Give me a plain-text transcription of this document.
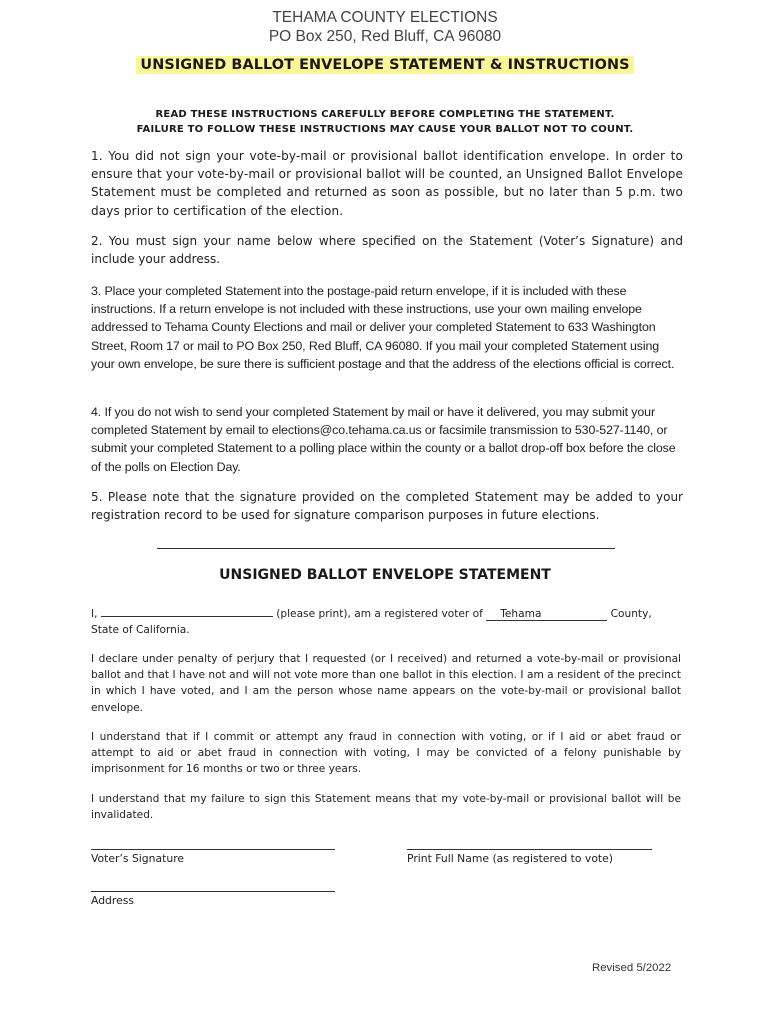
TEHAMA COUNTY ELECTIONS
PO Box 250, Red Bluff, CA 96080
UNSIGNED BALLOT ENVELOPE STATEMENT & INSTRUCTIONS
READ THESE INSTRUCTIONS CAREFULLY BEFORE COMPLETING THE STATEMENT.
FAILURE TO FOLLOW THESE INSTRUCTIONS MAY CAUSE YOUR BALLOT NOT TO COUNT.
1. You did not sign your vote-by-mail or provisional ballot identification envelope. In order to ensure that your vote-by-mail or provisional ballot will be counted, an Unsigned Ballot Envelope Statement must be completed and returned as soon as possible, but no later than 5 p.m. two days prior to certification of the election.
2. You must sign your name below where specified on the Statement (Voter’s Signature) and include your address.
3. Place your completed Statement into the postage-paid return envelope, if it is included with these instructions. If a return envelope is not included with these instructions, use your own mailing envelope addressed to Tehama County Elections and mail or deliver your completed Statement to 633 Washington Street, Room 17 or mail to PO Box 250, Red Bluff, CA 96080. If you mail your completed Statement using your own envelope, be sure there is sufficient postage and that the address of the elections official is correct.
4. If you do not wish to send your completed Statement by mail or have it delivered, you may submit your completed Statement by email to elections@co.tehama.ca.us or facsimile transmission to 530-527-1140, or submit your completed Statement to a polling place within the county or a ballot drop-off box before the close of the polls on Election Day.
5. Please note that the signature provided on the completed Statement may be added to your registration record to be used for signature comparison purposes in future elections.
UNSIGNED BALLOT ENVELOPE STATEMENT
I,	(please print), am a registered voter of Tehama	County,
State of California.
I declare under penalty of perjury that I requested (or I received) and returned a vote-by-mail or provisional ballot and that I have not and will not vote more than one ballot in this election. I am a resident of the precinct in which I have voted, and I am the person whose name appears on the vote-by-mail or provisional ballot envelope.
I understand that if I commit or attempt any fraud in connection with voting, or if I aid or abet fraud or attempt to aid or abet fraud in connection with voting, I may be convicted of a felony punishable by imprisonment for 16 months or two or three years.
I understand that my failure to sign this Statement means that my vote-by-mail or provisional ballot will be invalidated.
Voter’s Signature	Print Full Name (as registered to vote)
Address
Revised 5/2022
